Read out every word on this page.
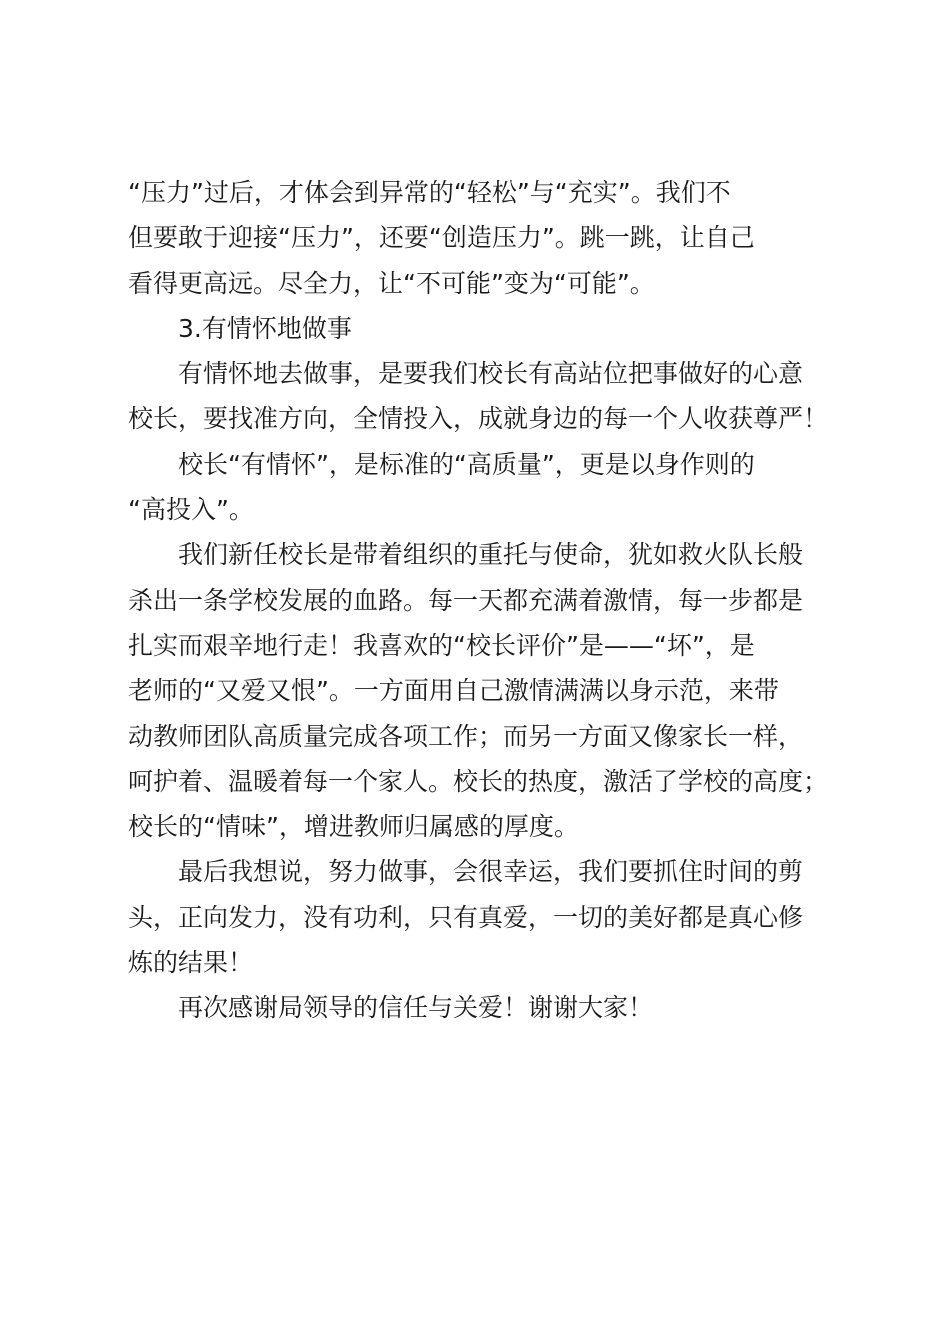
“压力”过后，才体会到异常的“轻松”与“充实”。我们不
但要敢于迎接“压力”，还要“创造压力”。跳一跳，让自己
看得更高远。尽全力，让“不可能”变为“可能”。
3.有情怀地做事
有情怀地去做事，是要我们校长有高站位把事做好的心意
校长，要找准方向，全情投入，成就身边的每一个人收获尊严！
校长“有情怀”，是标准的“高质量”，更是以身作则的
“高投入”。
我们新任校长是带着组织的重托与使命，犹如救火队长般
杀出一条学校发展的血路。每一天都充满着激情，每一步都是
扎实而艰辛地行走！我喜欢的“校长评价”是——“坏”，是
老师的“又爱又恨”。一方面用自己激情满满以身示范，来带
动教师团队高质量完成各项工作；而另一方面又像家长一样，
呵护着、温暖着每一个家人。校长的热度，激活了学校的高度；
校长的“情味”，增进教师归属感的厚度。
最后我想说，努力做事，会很幸运，我们要抓住时间的剪
头，正向发力，没有功利，只有真爱，一切的美好都是真心修
炼的结果！
再次感谢局领导的信任与关爱！谢谢大家！
